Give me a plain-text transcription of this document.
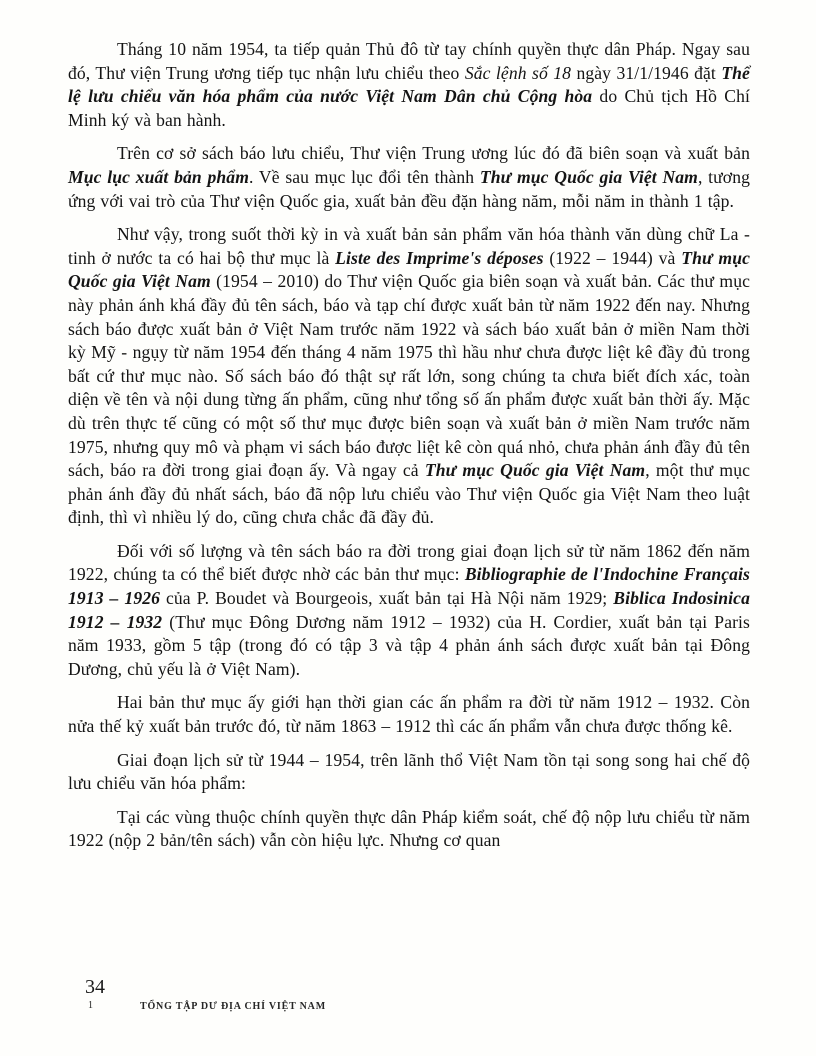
Tháng 10 năm 1954, ta tiếp quản Thủ đô từ tay chính quyền thực dân Pháp. Ngay sau đó, Thư viện Trung ương tiếp tục nhận lưu chiểu theo Sắc lệnh số 18 ngày 31/1/1946 đặt Thể lệ lưu chiểu văn hóa phẩm của nước Việt Nam Dân chủ Cộng hòa do Chủ tịch Hồ Chí Minh ký và ban hành.

Trên cơ sở sách báo lưu chiểu, Thư viện Trung ương lúc đó đã biên soạn và xuất bản Mục lục xuất bản phẩm. Về sau mục lục đổi tên thành Thư mục Quốc gia Việt Nam, tương ứng với vai trò của Thư viện Quốc gia, xuất bản đều đặn hàng năm, mỗi năm in thành 1 tập.

Như vậy, trong suốt thời kỳ in và xuất bản sản phẩm văn hóa thành văn dùng chữ La - tinh ở nước ta có hai bộ thư mục là Liste des Imprime's déposes (1922 – 1944) và Thư mục Quốc gia Việt Nam (1954 – 2010) do Thư viện Quốc gia biên soạn và xuất bản. Các thư mục này phản ánh khá đầy đủ tên sách, báo và tạp chí được xuất bản từ năm 1922 đến nay. Nhưng sách báo được xuất bản ở Việt Nam trước năm 1922 và sách báo xuất bản ở miền Nam thời kỳ Mỹ - ngụy từ năm 1954 đến tháng 4 năm 1975 thì hầu như chưa được liệt kê đầy đủ trong bất cứ thư mục nào. Số sách báo đó thật sự rất lớn, song chúng ta chưa biết đích xác, toàn diện về tên và nội dung từng ấn phẩm, cũng như tổng số ấn phẩm được xuất bản thời ấy. Mặc dù trên thực tế cũng có một số thư mục được biên soạn và xuất bản ở miền Nam trước năm 1975, nhưng quy mô và phạm vi sách báo được liệt kê còn quá nhỏ, chưa phản ánh đầy đủ tên sách, báo ra đời trong giai đoạn ấy. Và ngay cả Thư mục Quốc gia Việt Nam, một thư mục phản ánh đầy đủ nhất sách, báo đã nộp lưu chiểu vào Thư viện Quốc gia Việt Nam theo luật định, thì vì nhiều lý do, cũng chưa chắc đã đầy đủ.

Đối với số lượng và tên sách báo ra đời trong giai đoạn lịch sử từ năm 1862 đến năm 1922, chúng ta có thể biết được nhờ các bản thư mục: Bibliographie de l'Indochine Français 1913 – 1926 của P. Boudet và Bourgeois, xuất bản tại Hà Nội năm 1929; Biblica Indosinica 1912 – 1932 (Thư mục Đông Dương năm 1912 – 1932) của H. Cordier, xuất bản tại Paris năm 1933, gồm 5 tập (trong đó có tập 3 và tập 4 phản ánh sách được xuất bản tại Đông Dương, chủ yếu là ở Việt Nam).

Hai bản thư mục ấy giới hạn thời gian các ấn phẩm ra đời từ năm 1912 – 1932. Còn nửa thế kỷ xuất bản trước đó, từ năm 1863 – 1912 thì các ấn phẩm vẫn chưa được thống kê.

Giai đoạn lịch sử từ 1944 – 1954, trên lãnh thổ Việt Nam tồn tại song song hai chế độ lưu chiểu văn hóa phẩm:

Tại các vùng thuộc chính quyền thực dân Pháp kiểm soát, chế độ nộp lưu chiểu từ năm 1922 (nộp 2 bản/tên sách) vẫn còn hiệu lực. Nhưng cơ quan

34
1	TỔNG TẬP DƯ ĐỊA CHÍ VIỆT NAM
